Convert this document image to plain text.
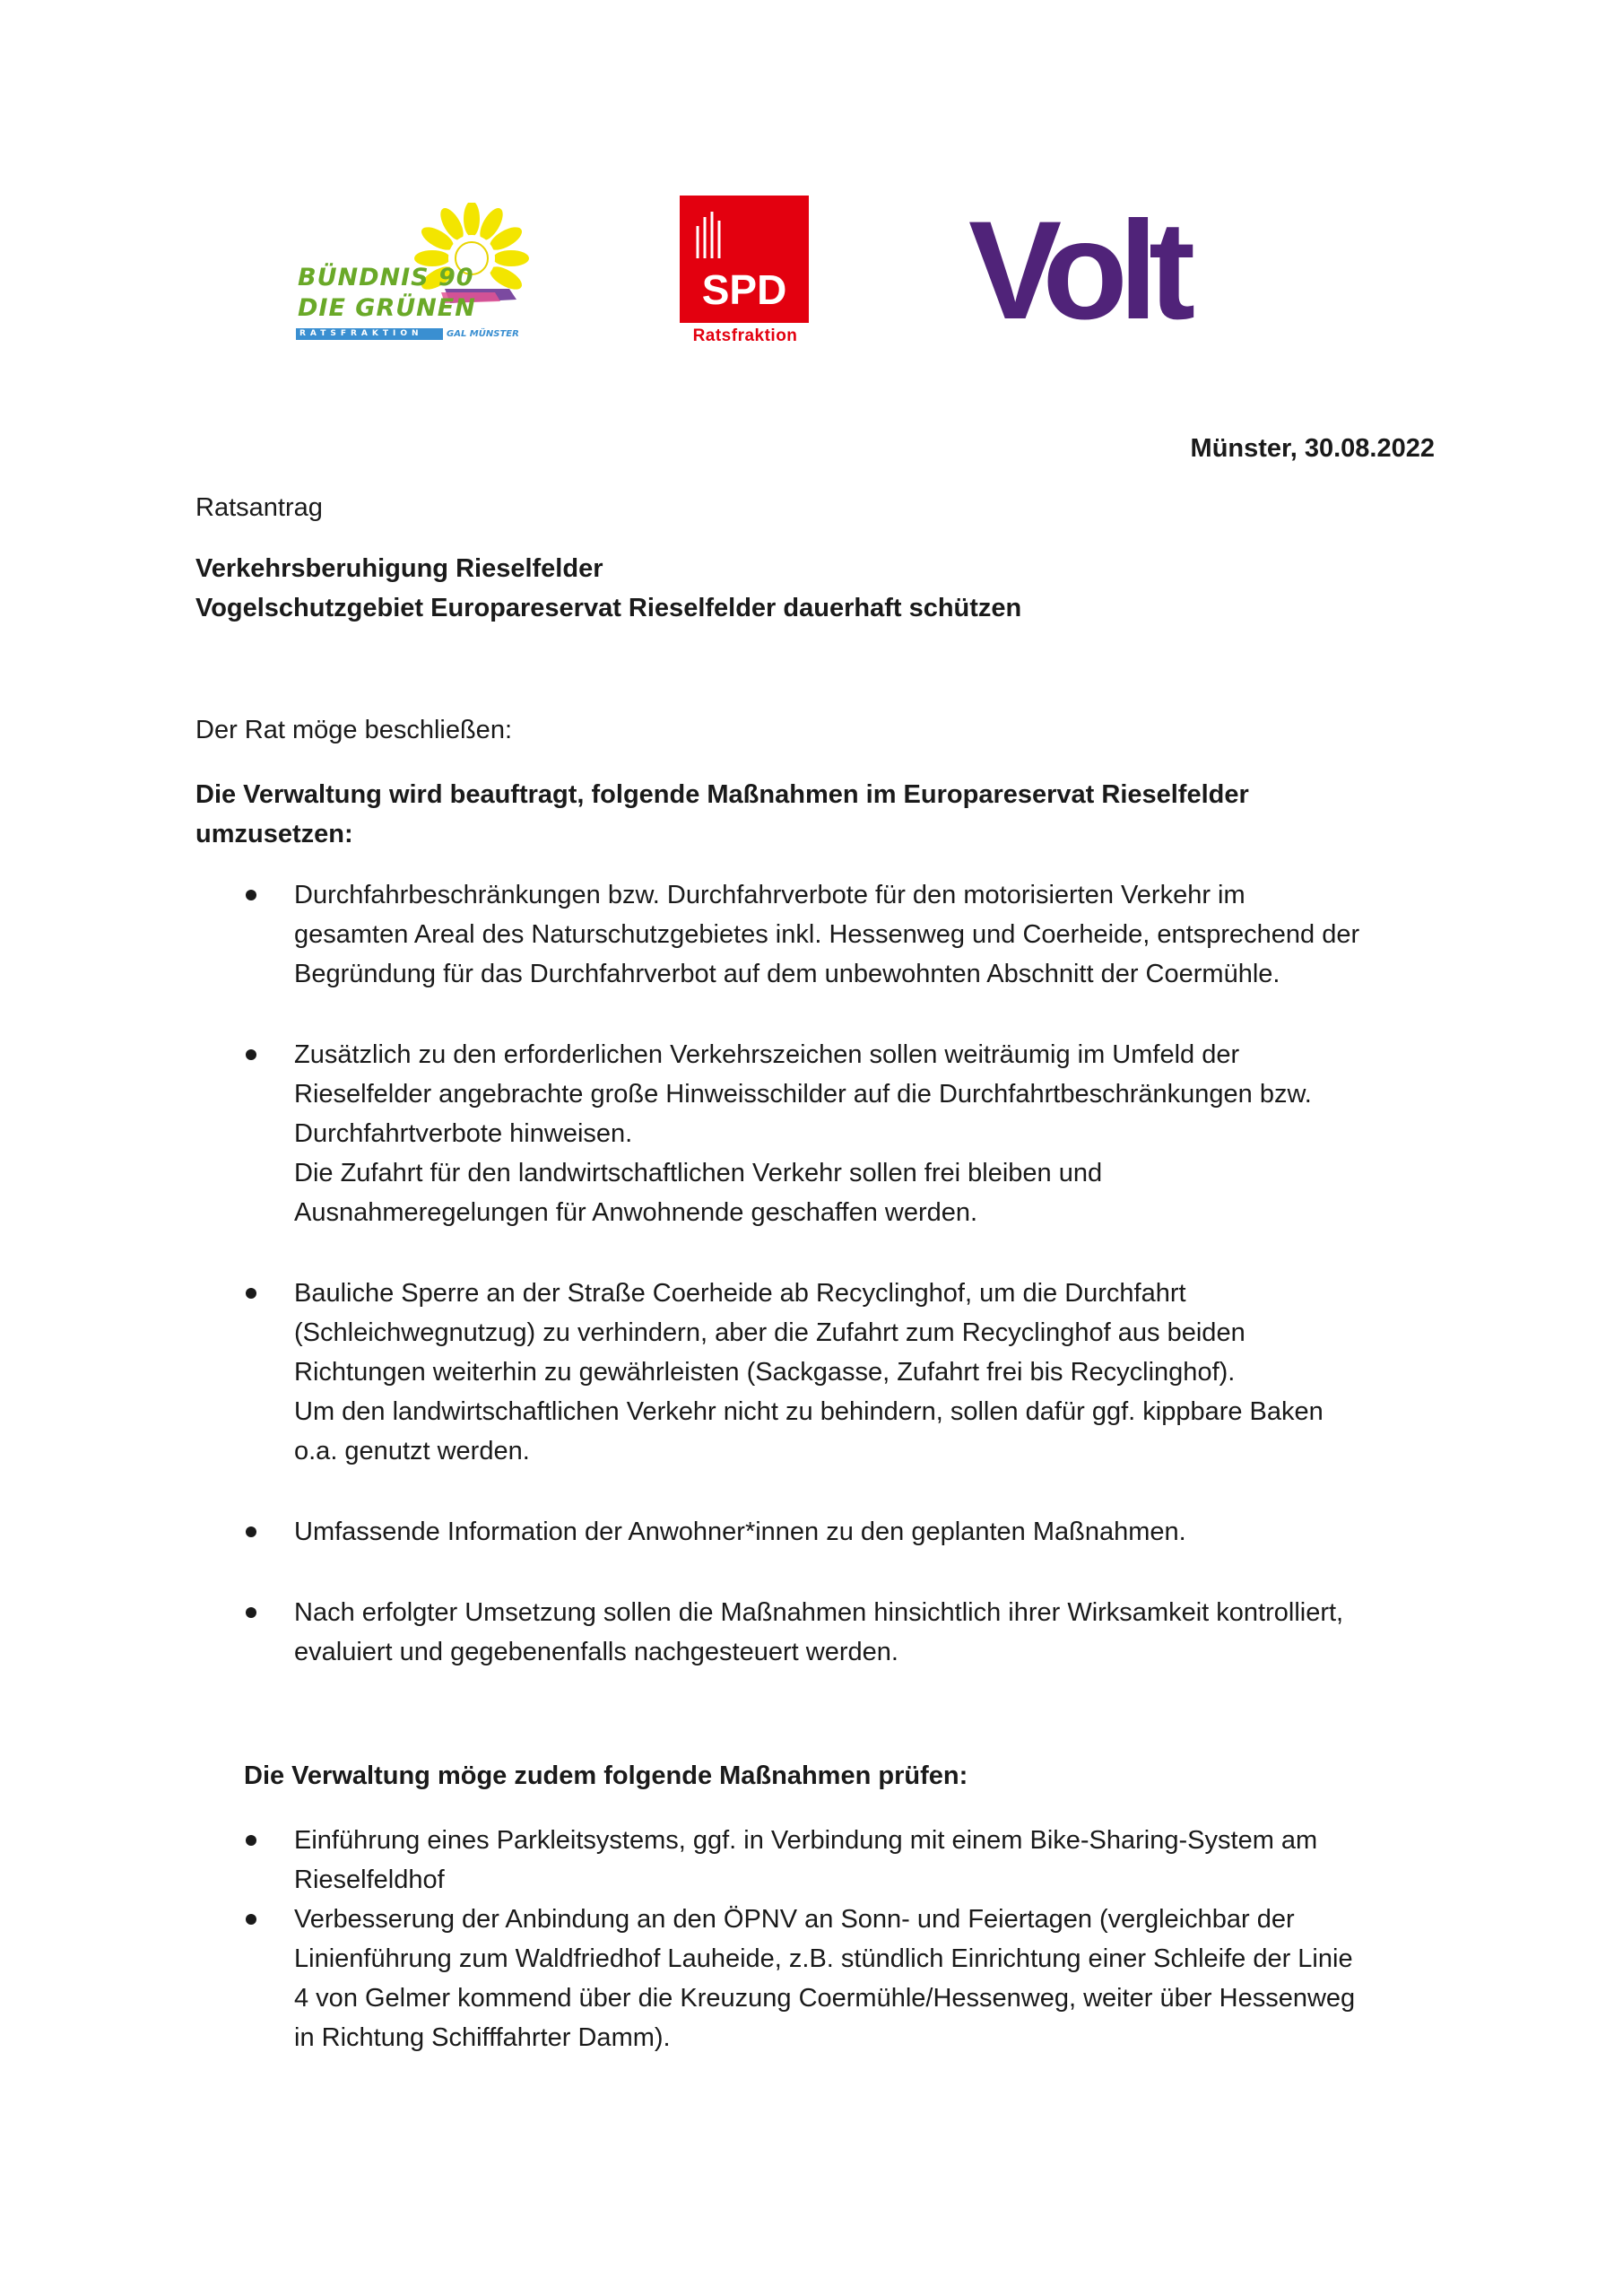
BÜNDNIS 90
DIE GRÜNEN
RATSFRAKTION	GAL MÜNSTER
SPD
Ratsfraktion Volt
Münster, 30.08.2022
Ratsantrag
Verkehrsberuhigung Rieselfelder
Vogelschutzgebiet Europareservat Rieselfelder dauerhaft schützen
Der Rat möge beschließen:
Die Verwaltung wird beauftragt, folgende Maßnahmen im Europareservat Rieselfelder
umzusetzen:
Durchfahrbeschränkungen bzw. Durchfahrverbote für den motorisierten Verkehr im
gesamten Areal des Naturschutzgebietes inkl. Hessenweg und Coerheide, entsprechend der
Begründung für das Durchfahrverbot auf dem unbewohnten Abschnitt der Coermühle.
Zusätzlich zu den erforderlichen Verkehrszeichen sollen weiträumig im Umfeld der
Rieselfelder angebrachte große Hinweisschilder auf die Durchfahrtbeschränkungen bzw.
Durchfahrtverbote hinweisen.
Die Zufahrt für den landwirtschaftlichen Verkehr sollen frei bleiben und
Ausnahmeregelungen für Anwohnende geschaffen werden.
Bauliche Sperre an der Straße Coerheide ab Recyclinghof, um die Durchfahrt
(Schleichwegnutzug) zu verhindern, aber die Zufahrt zum Recyclinghof aus beiden
Richtungen weiterhin zu gewährleisten (Sackgasse, Zufahrt frei bis Recyclinghof).
Um den landwirtschaftlichen Verkehr nicht zu behindern, sollen dafür ggf. kippbare Baken
o.a. genutzt werden.
Umfassende Information der Anwohner*innen zu den geplanten Maßnahmen.
Nach erfolgter Umsetzung sollen die Maßnahmen hinsichtlich ihrer Wirksamkeit kontrolliert,
evaluiert und gegebenenfalls nachgesteuert werden.
Die Verwaltung möge zudem folgende Maßnahmen prüfen:
Einführung eines Parkleitsystems, ggf. in Verbindung mit einem Bike-Sharing-System am
Rieselfeldhof
Verbesserung der Anbindung an den ÖPNV an Sonn- und Feiertagen (vergleichbar der
Linienführung zum Waldfriedhof Lauheide, z.B. stündlich Einrichtung einer Schleife der Linie
4 von Gelmer kommend über die Kreuzung Coermühle/Hessenweg, weiter über Hessenweg
in Richtung Schifffahrter Damm).
